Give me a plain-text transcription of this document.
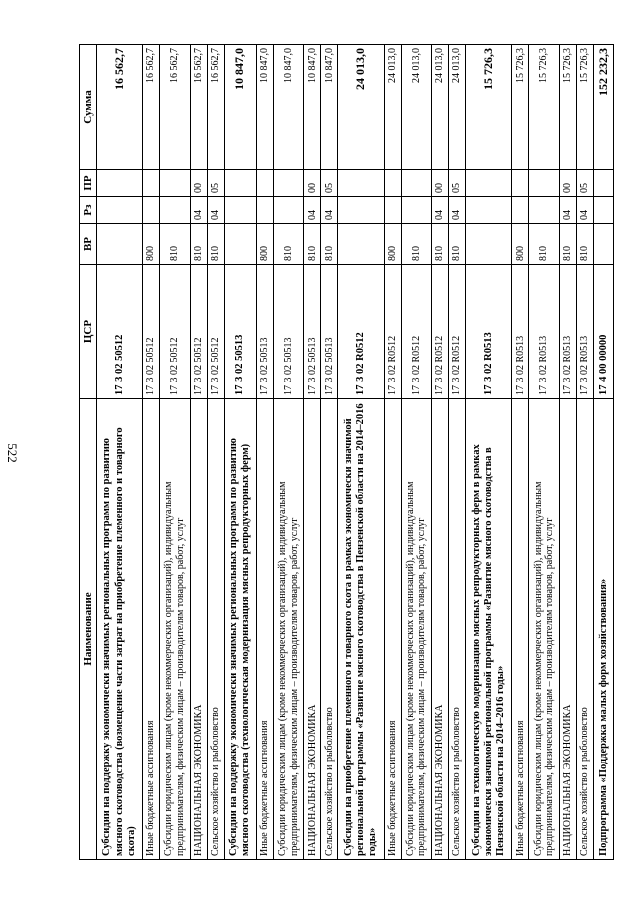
522
Наименование	ЦСР	ВР	Рз	ПР	Сумма
Субсидии на поддержку экономически значимых региональных программ по развитию мясного скотоводства (возмещение части затрат на приобретение племенного и товарного скота)	17 3 02 50512				16 562,7
Иные бюджетные ассигнования	17 3 02 50512	800			16 562,7
Субсидии юридическим лицам (кроме некоммерческих организаций), индивидуальным предпринимателям, физическим лицам – производителям товаров, работ, услуг	17 3 02 50512	810			16 562,7
НАЦИОНАЛЬНАЯ ЭКОНОМИКА	17 3 02 50512	810	04	00	16 562,7
Сельское хозяйство и рыболовство	17 3 02 50512	810	04	05	16 562,7
Субсидии на поддержку экономически значимых региональных программ по развитию мясного скотоводства (технологическая модернизация мясных репродукторных ферм)	17 3 02 50513				10 847,0
Иные бюджетные ассигнования	17 3 02 50513	800			10 847,0
Субсидии юридическим лицам (кроме некоммерческих организаций), индивидуальным предпринимателям, физическим лицам – производителям товаров, работ, услуг	17 3 02 50513	810			10 847,0
НАЦИОНАЛЬНАЯ ЭКОНОМИКА	17 3 02 50513	810	04	00	10 847,0
Сельское хозяйство и рыболовство	17 3 02 50513	810	04	05	10 847,0
Субсидии на приобретение племенного и товарного скота в рамках экономически значимой региональной программы «Развитие мясного скотоводства в Пензенской области на 2014–2016 годы»	17 3 02 R0512				24 013,0
Иные бюджетные ассигнования	17 3 02 R0512	800			24 013,0
Субсидии юридическим лицам (кроме некоммерческих организаций), индивидуальным предпринимателям, физическим лицам – производителям товаров, работ, услуг	17 3 02 R0512	810			24 013,0
НАЦИОНАЛЬНАЯ ЭКОНОМИКА	17 3 02 R0512	810	04	00	24 013,0
Сельское хозяйство и рыболовство	17 3 02 R0512	810	04	05	24 013,0
Субсидии на технологическую модернизацию мясных репродукторных ферм в рамках экономически значимой региональной программы «Развитие мясного скотоводства в Пензенской области на 2014–2016 годы»	17 3 02 R0513				15 726,3
Иные бюджетные ассигнования	17 3 02 R0513	800			15 726,3
Субсидии юридическим лицам (кроме некоммерческих организаций), индивидуальным предпринимателям, физическим лицам – производителям товаров, работ, услуг	17 3 02 R0513	810			15 726,3
НАЦИОНАЛЬНАЯ ЭКОНОМИКА	17 3 02 R0513	810	04	00	15 726,3
Сельское хозяйство и рыболовство	17 3 02 R0513	810	04	05	15 726,3
Подпрограмма «Поддержка малых форм хозяйствования»	17 4 00 00000				152 232,3
